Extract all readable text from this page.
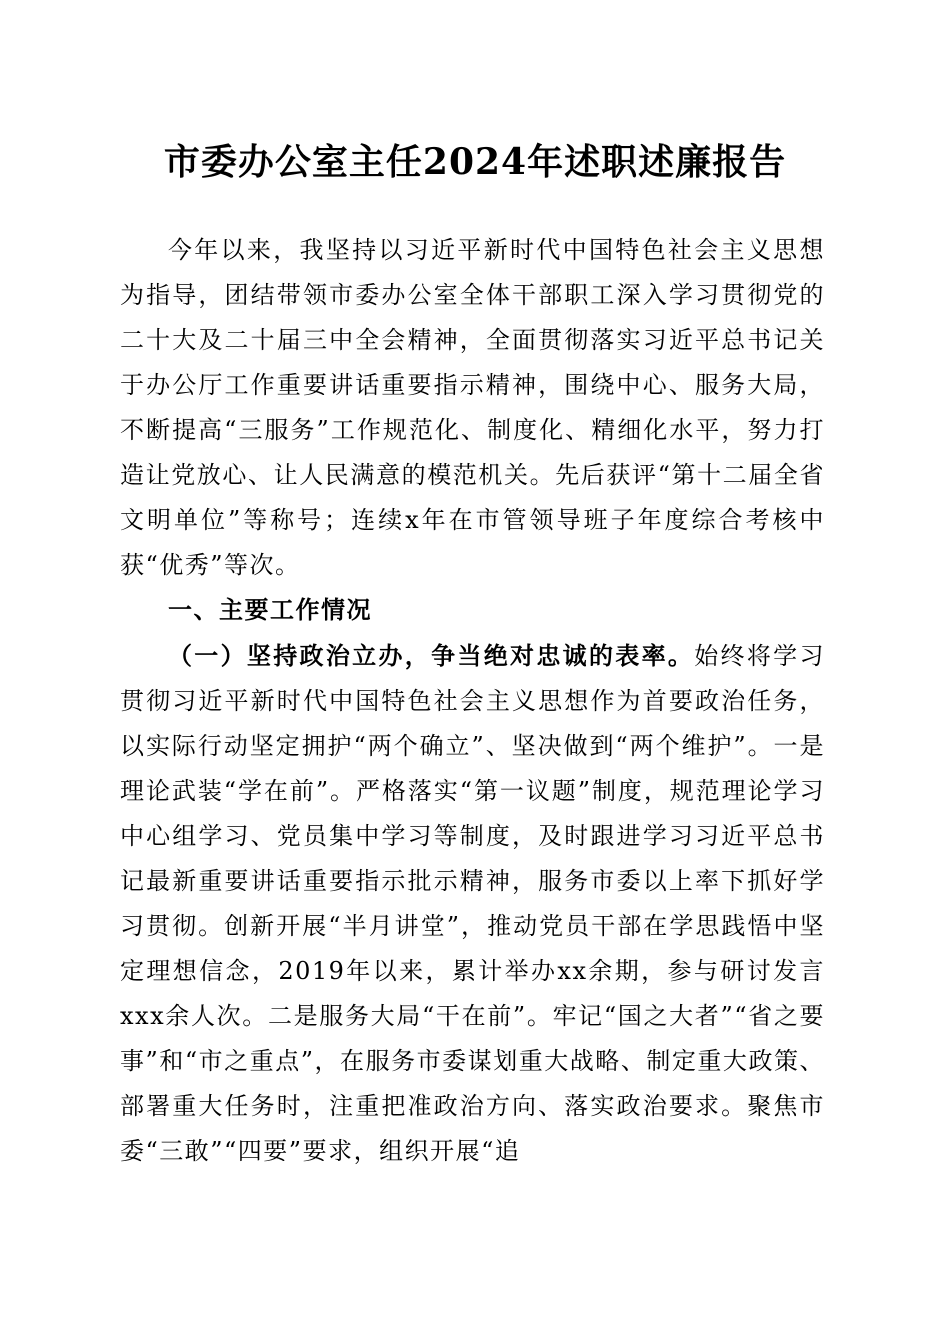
市委办公室主任2024年述职述廉报告

今年以来，我坚持以习近平新时代中国特色社会主义思想为指导，团结带领市委办公室全体干部职工深入学习贯彻党的二十大及二十届三中全会精神，全面贯彻落实习近平总书记关于办公厅工作重要讲话重要指示精神，围绕中心、服务大局，不断提高“三服务”工作规范化、制度化、精细化水平，努力打造让党放心、让人民满意的模范机关。先后获评“第十二届全省文明单位”等称号；连续x年在市管领导班子年度综合考核中获“优秀”等次。

一、主要工作情况

（一）坚持政治立办，争当绝对忠诚的表率。始终将学习贯彻习近平新时代中国特色社会主义思想作为首要政治任务，以实际行动坚定拥护“两个确立”、坚决做到“两个维护”。一是理论武装“学在前”。严格落实“第一议题”制度，规范理论学习中心组学习、党员集中学习等制度，及时跟进学习习近平总书记最新重要讲话重要指示批示精神，服务市委以上率下抓好学习贯彻。创新开展“半月讲堂”，推动党员干部在学思践悟中坚定理想信念，2019年以来，累计举办xx余期，参与研讨发言xxx余人次。二是服务大局“干在前”。牢记“国之大者”“省之要事”和“市之重点”，在服务市委谋划重大战略、制定重大政策、部署重大任务时，注重把准政治方向、落实政治要求。聚焦市委“三敢”“四要”要求，组织开展“追
